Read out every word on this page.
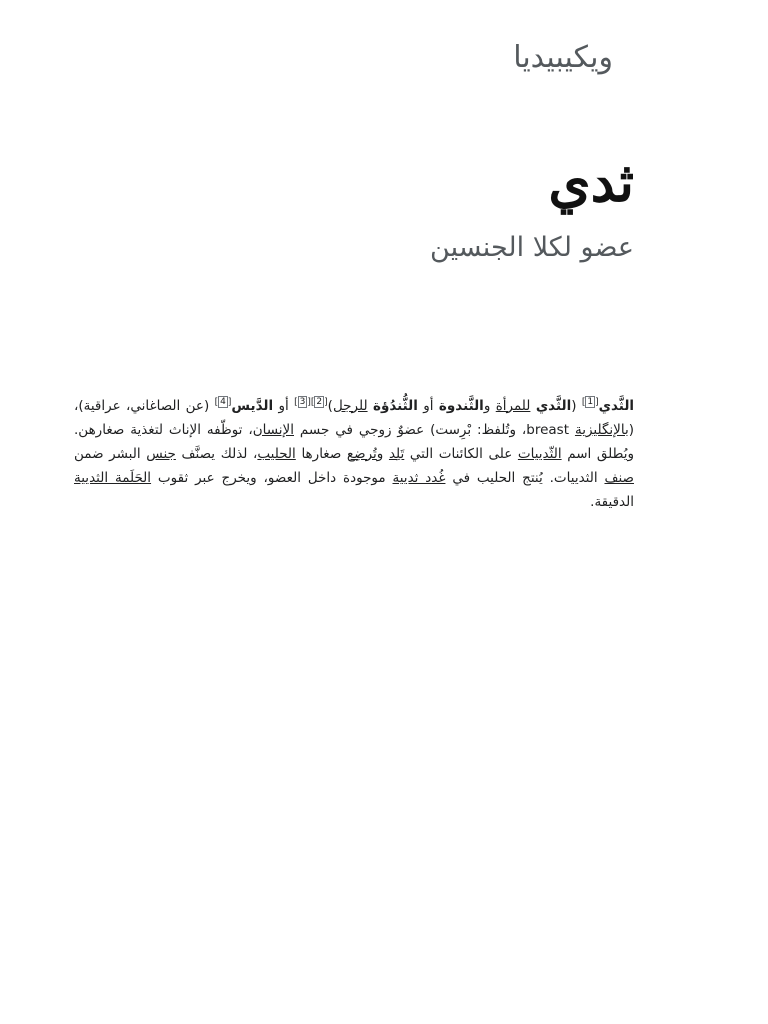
ويكيبيديا
ثدي
عضو لكلا الجنسين

الثَّدي[1] (الثَّدي للمرأة والثَّندوة أو الثُّندُؤة للرجل)[2][3] أو الدَّيس[4] (عن الصاغاني، عراقية)،(بالإنگليزية breast، وتُلفظ: بْرِست) عضوٌ زوجي في جسم الإنسان، توظّفه الإناث لتغذية صغارهن. ويُطلق اسم الثّدييات على الكائنات التي تَلِد وتُرضِع صغارها الحليب، لذلك يصنَّف جنس البشر ضمن صنف الثدييات. يُنتج الحليب في غُدد ثديية موجودة داخل العضو، ويخرج عبر ثقوب الحَلَمة الثديية الدقيقة.
